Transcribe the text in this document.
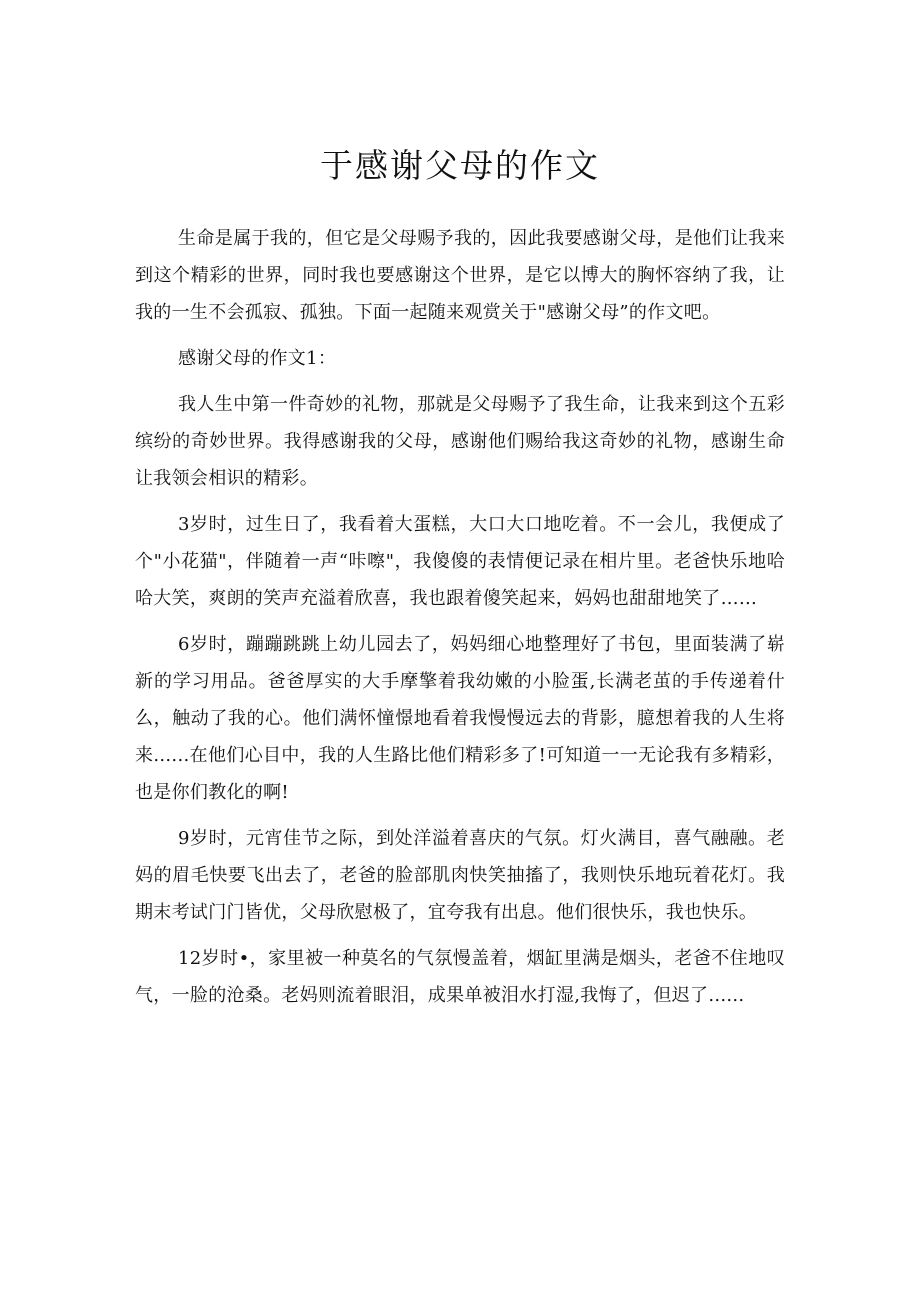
于感谢父母的作文

生命是属于我的，但它是父母赐予我的，因此我要感谢父母，是他们让我来到这个精彩的世界，同时我也要感谢这个世界，是它以博大的胸怀容纳了我，让我的一生不会孤寂、孤独。下面一起随来观赏关于"感谢父母”的作文吧。

感谢父母的作文1：

我人生中第一件奇妙的礼物，那就是父母赐予了我生命，让我来到这个五彩缤纷的奇妙世界。我得感谢我的父母，感谢他们赐给我这奇妙的礼物，感谢生命让我领会相识的精彩。

3岁时，过生日了，我看着大蛋糕，大口大口地吃着。不一会儿，我便成了个"小花猫"，伴随着一声“咔嚓"，我傻傻的表情便记录在相片里。老爸快乐地哈哈大笑，爽朗的笑声充溢着欣喜，我也跟着傻笑起来，妈妈也甜甜地笑了……

6岁时，蹦蹦跳跳上幼儿园去了，妈妈细心地整理好了书包，里面装满了崭新的学习用品。爸爸厚实的大手摩擎着我幼嫩的小脸蛋,长满老茧的手传递着什么，触动了我的心。他们满怀憧憬地看着我慢慢远去的背影，臆想着我的人生将来......在他们心目中，我的人生路比他们精彩多了!可知道一一无论我有多精彩，也是你们教化的啊!

9岁时，元宵佳节之际，到处洋溢着喜庆的气氛。灯火满目，喜气融融。老妈的眉毛快要飞出去了，老爸的脸部肌肉快笑抽搐了，我则快乐地玩着花灯。我期末考试门门皆优，父母欣慰极了，宜夸我有出息。他们很快乐，我也快乐。

12岁时•，家里被一种莫名的气氛慢盖着，烟缸里满是烟头，老爸不住地叹气，一脸的沧桑。老妈则流着眼泪，成果单被泪水打湿,我悔了，但迟了......
